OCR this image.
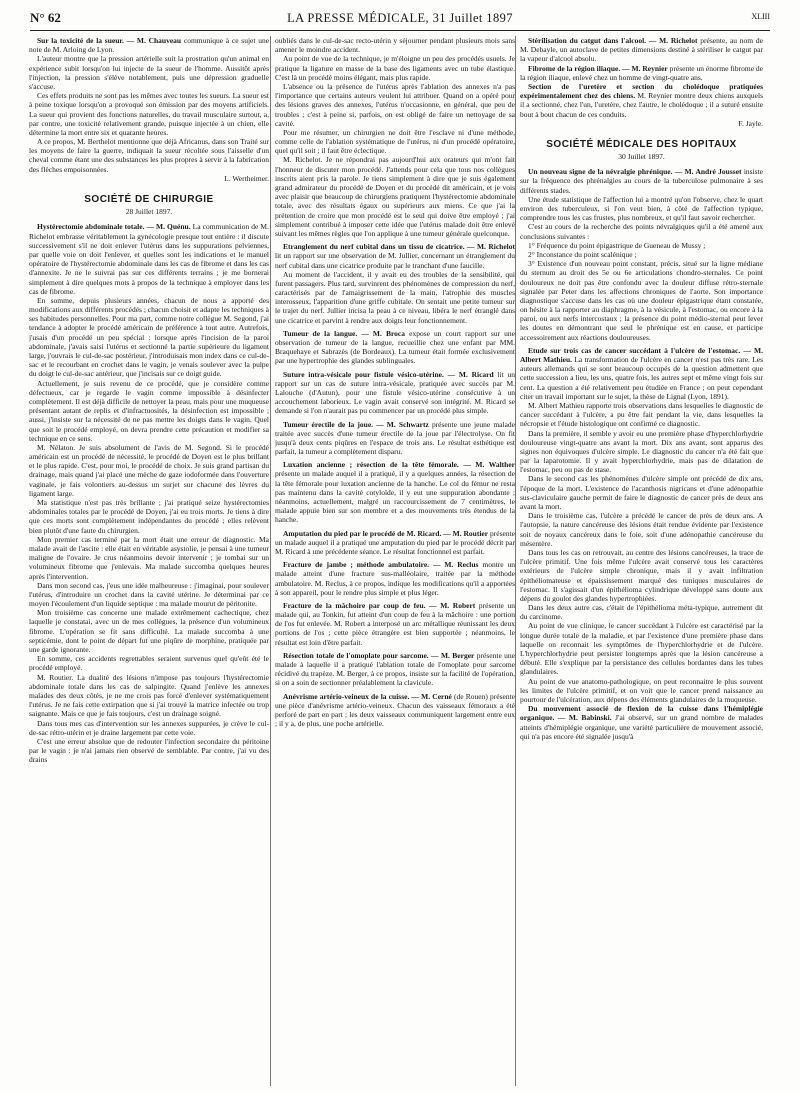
N° 62	LA PRESSE MÉDICALE, 31 Juillet 1897	XLIII

Sur la toxicité de la sueur. — M. Chauveau communique à ce sujet une note de M. Arloing de Lyon.

L'auteur montre que la pression artérielle suit la prostration qu'un animal en expérience subit lorsqu'on lui injecte de la sueur de l'homme. Aussitôt après l'injection, la pression s'élève notablement, puis une dépression graduelle s'accuse.

Ces effets produits ne sont pas les mêmes avec toutes les sueurs. La sueur est à peine toxique lorsqu'on a provoqué son émission par des moyens artificiels. La sueur qui provient des fonctions naturelles, du travail musculaire surtout, a, par contre, une toxicité relativement grande, puisque injectée à un chien, elle détermine la mort entre six et quarante heures.

A ce propos, M. Berthelot mentionne que déjà Africanus, dans son Traité sur les moyens de faire la guerre, indiquait la sueur récoltée sous l'aisselle d'un cheval comme étant une des substances les plus propres à servir à la fabrication des flèches empoisonnées.

L. Wertheimer.

SOCIÉTÉ DE CHIRURGIE
28 Juillet 1897.

Hystérectomie abdominale totale. — M. Quénu. La communication de M. Richelot embrasse véritablement la gynécologie presque tout entière : il discute successivement s'il ne doit enlever l'utérus dans les suppurations pelviennes, par quelle voie on doit l'enlever, et quelles sont les indications et le manuel opératoire de l'hystérectomie abdominale dans les cas de fibrome et dans les cas d'annexite. Je ne le suivrai pas sur ces différents terrains ; je me bornerai simplement à dire quelques mots à propos de la technique à employer dans les cas de fibrome.

En somme, depuis plusieurs années, chacun de nous a apporté des modifications aux différents procédés ; chacun choisit et adapte les techniques à ses habitudes personnelles. Pour ma part, comme notre collègue M. Segond, j'ai tendance à adopter le procédé américain de préférence à tout autre. Autrefois, j'usais d'un procédé un peu spécial : lorsque après l'incision de la paroi abdominale, j'avais saisi l'utérus et sectionné la partie supérieure du ligament large, j'ouvrais le cul-de-sac postérieur, j'introduisais mon index dans ce cul-de-sac et le recourbant en crochet dans le vagin, je venais soulever avec la pulpe du doigt le cul-de-sac antérieur, que j'incisais sur ce doigt guide.

Actuellement, je suis revenu de ce procédé, que je considère comme défectueux, car je regarde le vagin comme impossible à désinfecter complètement. Il est déjà difficile de nettoyer la peau, mais pour une muqueuse présentant autant de replis et d'infractuosités, la désinfection est impossible ; aussi, j'insiste sur la nécessité de ne pas mettre les doigts dans le vagin. Quel que soit le procédé employé, on devra prendre cette précaution et modifier sa technique en ce sens.

M. Nélaton. Je suis absolument de l'avis de M. Segond. Si le procédé américain est un procédé de nécessité, le procédé de Doyen est le plus brillant et le plus rapide. C'est, pour moi, le procédé de choix. Je suis grand partisan du drainage, mais quand j'ai placé une mèche de gaze iodoformée dans l'ouverture vaginale, je fais volontiers au-dessus un surjet sur chacune des lèvres du ligament large.

Ma statistique n'est pas très brillante ; j'ai pratiqué seize hystérectomies abdominales totales par le procédé de Doyen, j'ai eu trois morts. Je tiens à dire que ces morts sont complètement indépendantes du procédé ; elles relèvent bien plutôt d'une faute du chirurgien.

Mon premier cas terminé par la mort était une erreur de diagnostic. Ma malade avait de l'ascite : elle était en véritable asystolie, je pensai à une tumeur maligne de l'ovaire. Je crus néanmoins devoir intervenir ; je tombai sur un volumineux fibrome que j'enlevais. Ma malade succomba quelques heures après l'intervention.

Dans mon second cas, j'eus une idée malheureuse : j'imaginai, pour soulever l'utérus, d'introduire un crochet dans la cavité utérine. Je déterminai par ce moyen l'écoulement d'un liquide septique : ma malade mourut de péritonite.

Mon troisième cas concerne une malade extrêmement cachectique, chez laquelle je constatai, avec un de mes collègues, la présence d'un volumineux fibrome. L'opération se fit sans difficulté. La malade succomba à une septicémie, dont le point de départ fut une piqûre de morphine, pratiquée par une garde ignorante.

En somme, ces accidents regrettables seraient survenus quel qu'eût été le procédé employé.

M. Routier. La dualité des lésions n'impose pas toujours l'hystérectomie abdominale totale dans les cas de salpingite. Quand j'enlève les annexes malades des deux côtés, je ne me crois pas forcé d'enlever systématiquement l'utérus. Je ne fais cette extirpation que si j'ai trouvé la matrice infectée ou trop saignante. Mais ce que je fais toujours, c'est un drainage soigné.

Dans tous mes cas d'intervention sur les annexes suppurées, je crève le cul-de-sac rétro-utérin et je draine largement par cette voie.

C'est une erreur absolue que de redouter l'infection secondaire du péritoine par le vagin : je n'ai jamais rien observé de semblable. Par contre, j'ai vu des drains

oubliés dans le cul-de-sac recto-utérin y séjourner pendant plusieurs mois sans amener le moindre accident.

Au point de vue de la technique, je m'éloigne un peu des procédés usuels. Je pratique la ligature en masse de la base des ligaments avec un tube élastique. C'est là un procédé moins élégant, mais plus rapide.

L'absence ou la présence de l'utérus après l'ablation des annexes n'a pas l'importance que certains auteurs veulent lui attribuer. Quand on a opéré pour des lésions graves des annexes, l'utérus n'occasionne, en général, que peu de troubles ; c'est à peine si, parfois, on est obligé de faire un nettoyage de sa cavité.

Pour me résumer, un chirurgien ne doit être l'esclave ni d'une méthode, comme celle de l'ablation systématique de l'utérus, ni d'un procédé opératoire, quel qu'il soit ; il faut être éclectique.

M. Richelot. Je ne répondrai pas aujourd'hui aux orateurs qui m'ont fait l'honneur de discuter mon procédé. J'attends pour cela que tous nos collègues inscrits aient pris la parole. Je tiens simplement à dire que je suis également grand admirateur du procédé de Doyen et du procédé dit américain, et je vois avec plaisir que beaucoup de chirurgiens pratiquent l'hystérectomie abdominale totale, avec des résultats égaux ou supérieurs aux miens. Ce que j'ai la prétention de croire que mon procédé est le seul qui doive être employé ; j'ai simplement contribué à imposer cette idée que l'utérus malade doit être enlevé suivant les mêmes règles que l'on applique à une tumeur générale quelconque.

Etranglement du nerf cubital dans un tissu de cicatrice. — M. Richelot lit un rapport sur une observation de M. Jullier, concernant un étranglement du nerf cubital dans une cicatrice produite par le tranchant d'une faucille.

Au moment de l'accident, il y avait eu des troubles de la sensibilité, qui furent passagers. Plus tard, survinrent des phénomènes de compression du nerf, caractérisés par de l'amaigrissement de la main, l'atrophie des muscles interosseux, l'apparition d'une griffe cubitale. On sentait une petite tumeur sur le trajet du nerf. Jullier incisa la peau à ce niveau, libéra le nerf étranglé dans une cicatrice et parvint à rendre aux doigts leur fonctionnement.

Tumeur de la langue. — M. Broca expose un court rapport sur une observation de tumeur de la langue, recueillie chez une enfant par MM. Braquehaye et Sabrazès (de Bordeaux). La tumeur était formée exclusivement par une hypertrophie des glandes sublinguales.

Suture intra-vésicale pour fistule vésico-utérine. — M. Ricard lit un rapport sur un cas de suture intra-vésicale, pratiquée avec succès par M. Lalouche (d'Autun), pour une fistule vésico-utérine consécutive à un accouchement laborieux. Le vagin avait conservé son intégrité. M. Ricard se demande si l'on n'aurait pas pu commencer par un procédé plus simple.

Tumeur érectile de la joue. — M. Schwartz présente une jeune malade traitée avec succès d'une tumeur érectile de la joue par l'électrolyse. On fit jusqu'à deux cents piqûres en l'espace de trois ans. Le résultat esthétique est parfait, la tumeur a complètement disparu.

Luxation ancienne ; résection de la tête fémorale. — M. Walther présente un malade auquel il a pratiqué, il y a quelques années, la résection de la tête fémorale pour luxation ancienne de la hanche. Le col du fémur ne resta pas maintenu dans la cavité cotyloïde, il y eut une suppuration abondante ; néanmoins, actuellement, malgré un raccourcissement de 7 centimètres, le malade appuie bien sur son membre et a des mouvements très étendus de la hanche.

Amputation du pied par le procédé de M. Ricard. — M. Routier présente un malade auquel il a pratiqué une amputation du pied par le procédé décrit par M. Ricard à une précédente séance. Le résultat fonctionnel est parfait.

Fracture de jambe ; méthode ambulatoire. — M. Reclus montre un malade atteint d'une fracture sus-malléolaire, traitée par la méthode ambulatoire. M. Reclus, à ce propos, indique les modifications qu'il a apportées à son appareil, pour le rendre plus simple et plus léger.

Fracture de la mâchoire par coup de feu. — M. Robert présente un malade qui, au Tonkin, fut atteint d'un coup de feu à la mâchoire : une portion de l'os fut enlevée. M. Robert a interposé un arc métallique réunissant les deux portions de l'os ; cette pièce étrangère est bien supportée ; néanmoins, le résultat est loin d'être parfait.

Résection totale de l'omoplate pour sarcome. — M. Berger présente une malade à laquelle il a pratiqué l'ablation totale de l'omoplate pour sarcome récidivé du trapèze. M. Berger, à ce propos, insiste sur la facilité de l'opération, si on a soin de sectionner préalablement la clavicule.

Anévrisme artério-veineux de la cuisse. — M. Cerné (de Rouen) présente une pièce d'anévrisme artério-veineux. Chacun des vaisseaux fémoraux a été perforé de part en part ; les deux vaisseaux communiquent largement entre eux ; il y a, de plus, une poche artérielle.

Stérilisation du catgut dans l'alcool. — M. Richelot présente, au nom de M. Debayle, un autoclave de petites dimensions destiné à stériliser le catgut par la vapeur d'alcool absolu.

Fibrome de la région iliaque. — M. Reynier présente un énorme fibrome de la région iliaque, enlevé chez un homme de vingt-quatre ans.

Section de l'uretère et section du cholédoque pratiquées expérimentalement chez des chiens. M. Reynier montre deux chiens auxquels il a sectionné, chez l'un, l'uretère, chez l'autre, le cholédoque ; il a suturé ensuite bout à bout chacun de ces conduits.

F. Jayle.

SOCIÉTÉ MÉDICALE DES HOPITAUX
30 Juillet 1897.

Un nouveau signe de la névralgie phrénique. — M. André Jousset insiste sur la fréquence des phrénalgies au cours de la tuberculose pulmonaire à ses différents stades.

Une étude statistique de l'affection lui a montré qu'on l'observe, chez le quart environ des tuberculeux, si l'on veut bien, à côté de l'affection typique, comprendre tous les cas frustes, plus nombreux, et qu'il faut savoir rechercher.

C'est au cours de la recherche des points névralgiques qu'il a été amené aux conclusions suivantes :

1° Fréquence du point épigastrique de Gueneau de Mussy ;

2° Inconstance du point scalénique ;

3° Existence d'un nouveau point constant, précis, situé sur la ligne médiane du sternum au droit des 5e ou 6e articulations chondro-sternales. Ce point douloureux ne doit pas être confondu avec la douleur diffuse rétro-sternale signalée par Peter dans les affections chroniques de l'aorte. Son importance diagnostique s'accuse dans les cas où une douleur épigastrique étant constatée, on hésite à la rapporter au diaphragme, à la vésicule, à l'estomac, ou encore à la paroi, ou aux nerfs intercostaux ; la présence du point médio-sternal peut lever les doutes en démontrant que seul le phrénique est en cause, et participe accessoirement aux réactions douloureuses.

Etude sur trois cas de cancer succédant à l'ulcère de l'estomac. — M. Albert Mathieu. La transformation de l'ulcère en cancer n'est pas très rare. Les auteurs allemands qui se sont beaucoup occupés de la question admettent que cette succession a lieu, les uns, quatre fois, les autres sept et même vingt fois sur cent. La question a été relativement peu étudiée en France ; on peut cependant citer un travail important sur le sujet, la thèse de Lignal (Lyon, 1891).

M. Albert Mathieu rapporte trois observations dans lesquelles le diagnostic de cancer succédant à l'ulcère, a pu être fait pendant la vie, dans lesquelles la nécropsie et l'étude histologique ont confirmé ce diagnostic.

Dans la première, il semble y avoir eu une première phase d'hyperchlorhydrie douloureuse vingt-quatre ans avant la mort. Dix ans avant, sont apparus des signes non équivoques d'ulcère simple. Le diagnostic du cancer n'a été fait que par la laparotomie. Il y avait hyperchlorhydrie, mais pas de dilatation de l'estomac, peu ou pas de stase.

Dans le second cas les phénomènes d'ulcère simple ont précédé de dix ans, l'époque de la mort. L'existence de l'acanthosis nigricans et d'une adénopathie sus-claviculaire gauche permit de faire le diagnostic de cancer près de deux ans avant la mort.

Dans le troisième cas, l'ulcère a précédé le cancer de près de deux ans. A l'autopsie, la nature cancéreuse des lésions était rendue évidente par l'existence soit de noyaux cancéreux dans le foie, soit d'une adénopathie cancéreuse du mésentère.

Dans tous les cas on retrouvait, au centre des lésions cancéreuses, la trace de l'ulcère primitif. Une fois même l'ulcère avait conservé tous les caractères extérieurs de l'ulcère simple chronique, mais il y avait infiltration épithéliomateuse et épaississement marqué des tuniques musculaires de l'estomac. Il s'agissait d'un épithélioma cylindrique développé sans doute aux dépens du goulot des glandes hypertrophiées.

Dans les deux autre cas, c'était de l'épithélioma méta-typique, autrement dit du carcinome.

Au point de vue clinique, le cancer succédant à l'ulcère est caractérisé par la longue durée totale de la maladie, et par l'existence d'une première phase dans laquelle on reconnait les symptômes de l'hyperchlorhydrie et de l'ulcère. L'hyperchlorhydrie peut persister longtemps après que la lésion cancéreuse a débuté. Elle s'explique par la persistance des cellules bordantes dans les tubes glandulaires.

Au point de vue anatomo-pathologique, on peut reconnaitre le plus souvent les limites de l'ulcère primitif, et on voit que le cancer prend naissance au pourtour de l'ulcération, aux dépens des éléments glandulaires de la muqueuse.

Du mouvement associé de flexion de la cuisse dans l'hémiplégie organique. — M. Babinski. J'ai observé, sur un grand nombre de malades atteints d'hémiplégie organique, une variété particulière de mouvement associé, qui n'a pas encore été signalée jusqu'à
